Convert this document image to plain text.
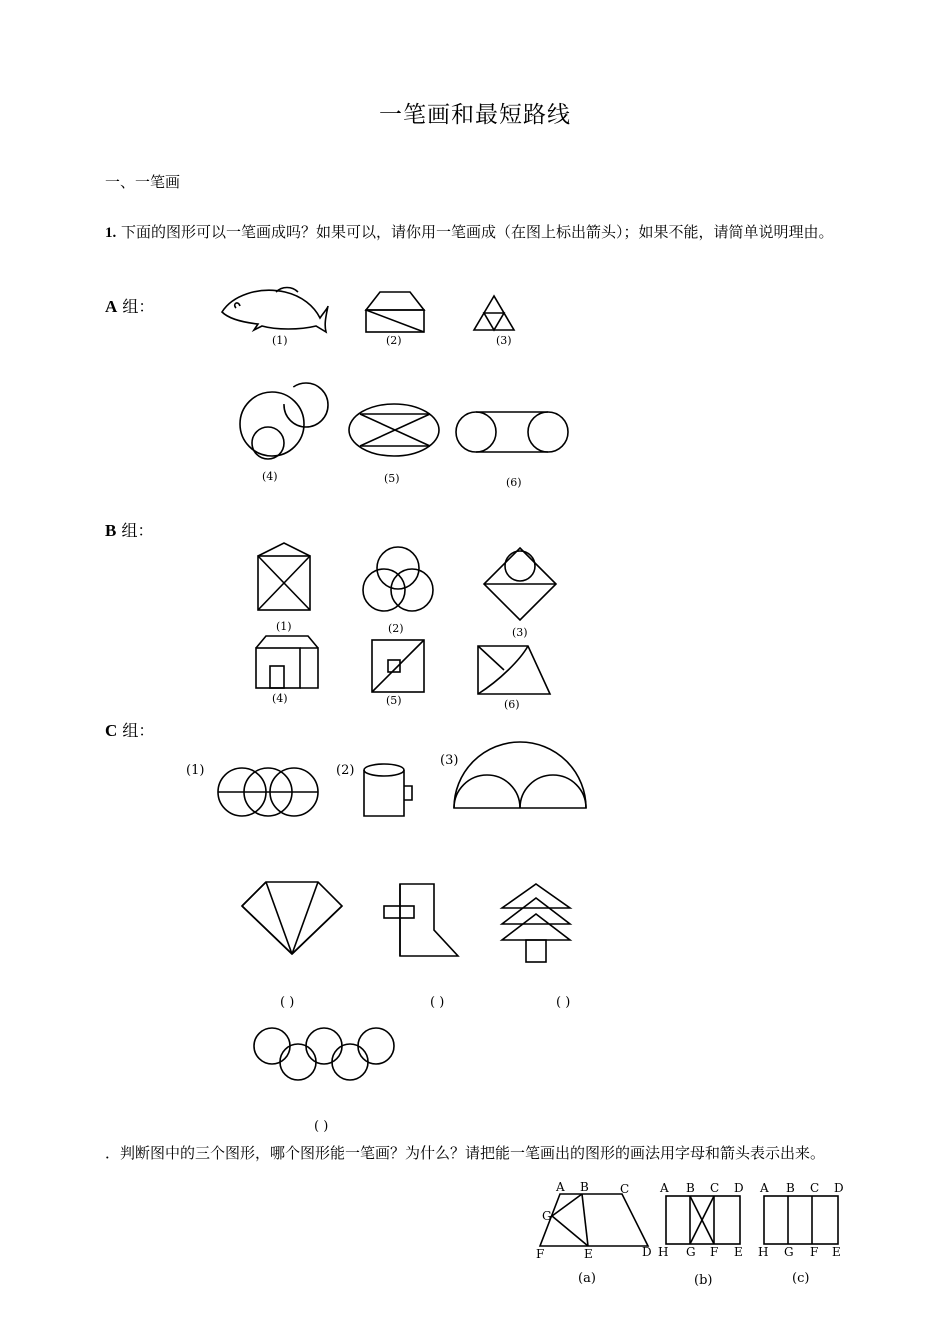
一笔画和最短路线
一、一笔画
1. 下面的图形可以一笔画成吗？如果可以，请你用一笔画成（在图上标出箭头）；如果不能，请简单说明理由。
A 组：
B 组：
C 组：
．判断图中的三个图形，哪个图形能一笔画？为什么？请把能一笔画出的图形的画法用字母和箭头表示出来。
(1)	(2)	(3)
(4)	(5)	(6)
(1)	(2)	(3)
(4)	(5)	(6)
(1)	(2)
(3)
( )	( )	( )
( )
A B	C
G
F	E	D
A B C D
H G F E
A B C D
H G F E
(a)	(b)	(c)
